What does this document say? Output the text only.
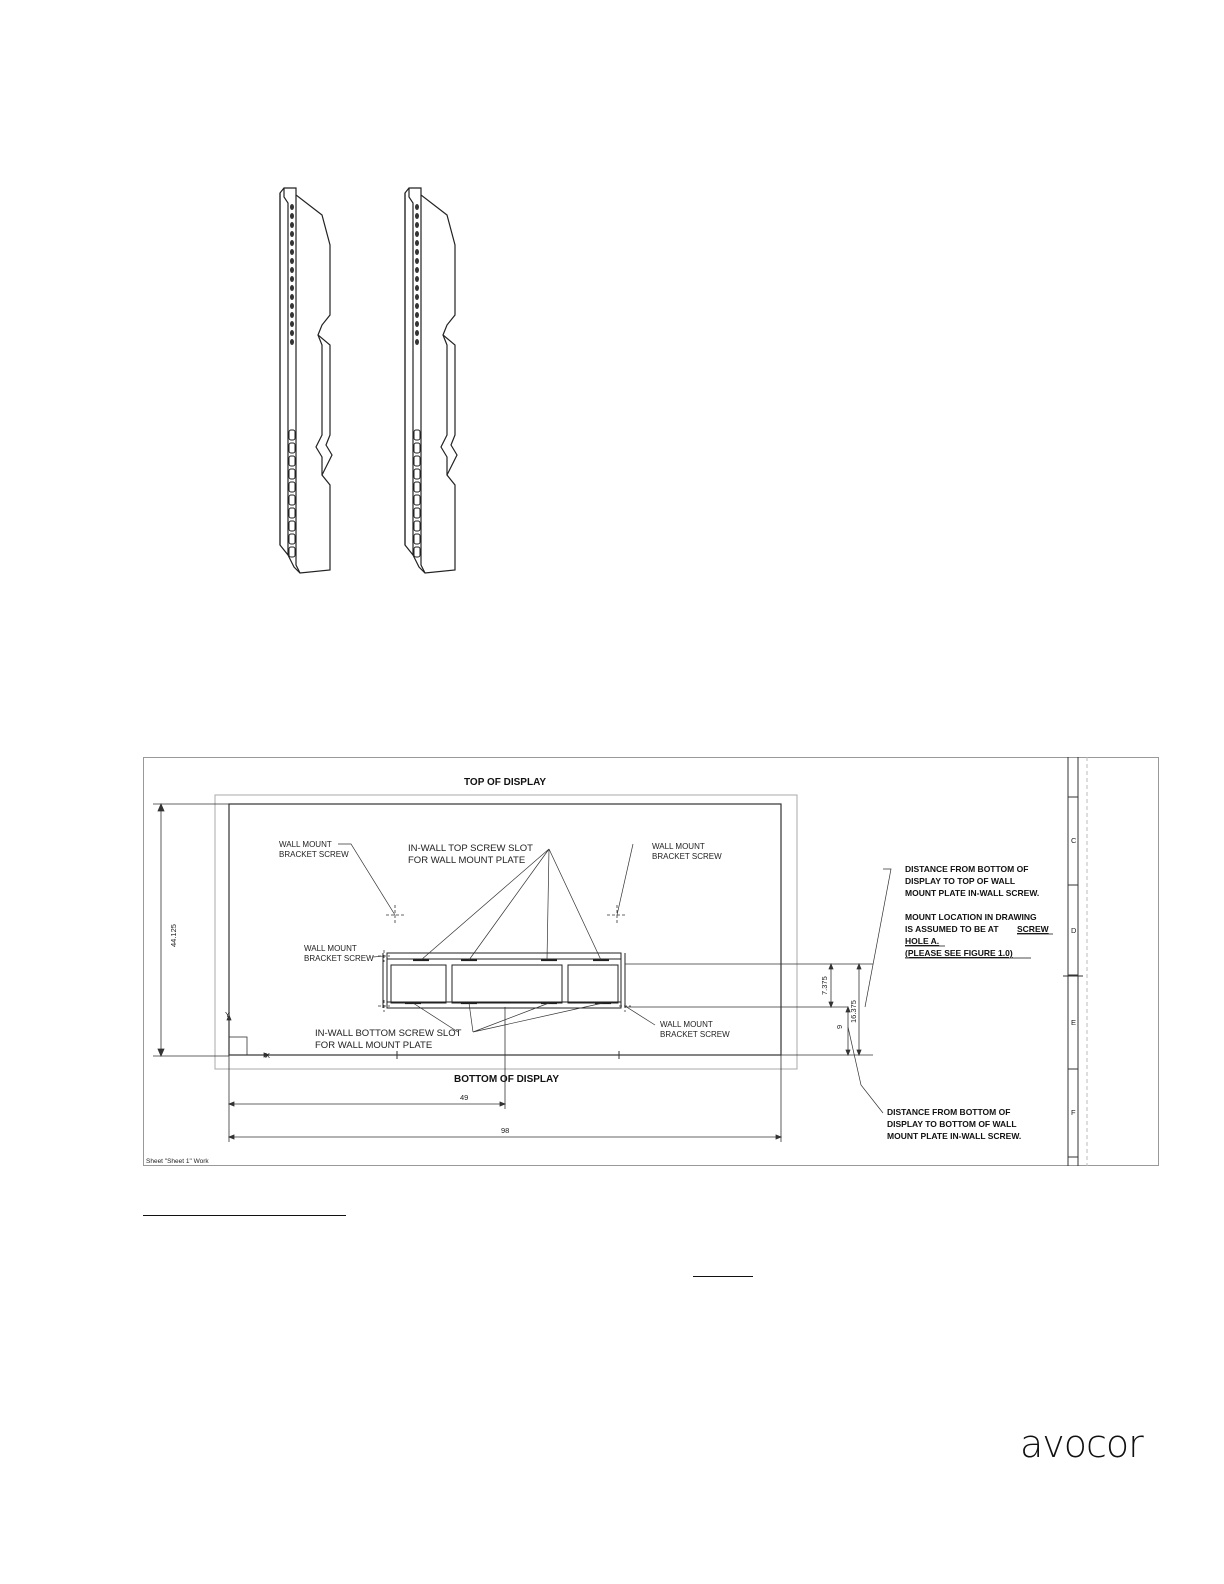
C
D
E
F
TOP OF DISPLAY
BOTTOM OF DISPLAY
44.125
Y
X
7.375
16.375
9
49
98
WALL MOUNT
BRACKET SCREW
WALL MOUNT
BRACKET SCREW
WALL MOUNT
BRACKET SCREW
WALL MOUNT
BRACKET SCREW
IN-WALL TOP SCREW SLOT
FOR WALL MOUNT PLATE
IN-WALL BOTTOM SCREW SLOT
FOR WALL MOUNT PLATE
DISTANCE FROM BOTTOM OF
DISPLAY TO TOP OF WALL
MOUNT PLATE IN-WALL SCREW.
MOUNT LOCATION IN DRAWING
IS ASSUMED TO BE AT SCREW
HOLE A.
(PLEASE SEE FIGURE 1.0)
DISTANCE FROM BOTTOM OF
DISPLAY TO BOTTOM OF WALL
MOUNT PLATE IN-WALL SCREW.
Sheet "Sheet 1" Work
avocor
